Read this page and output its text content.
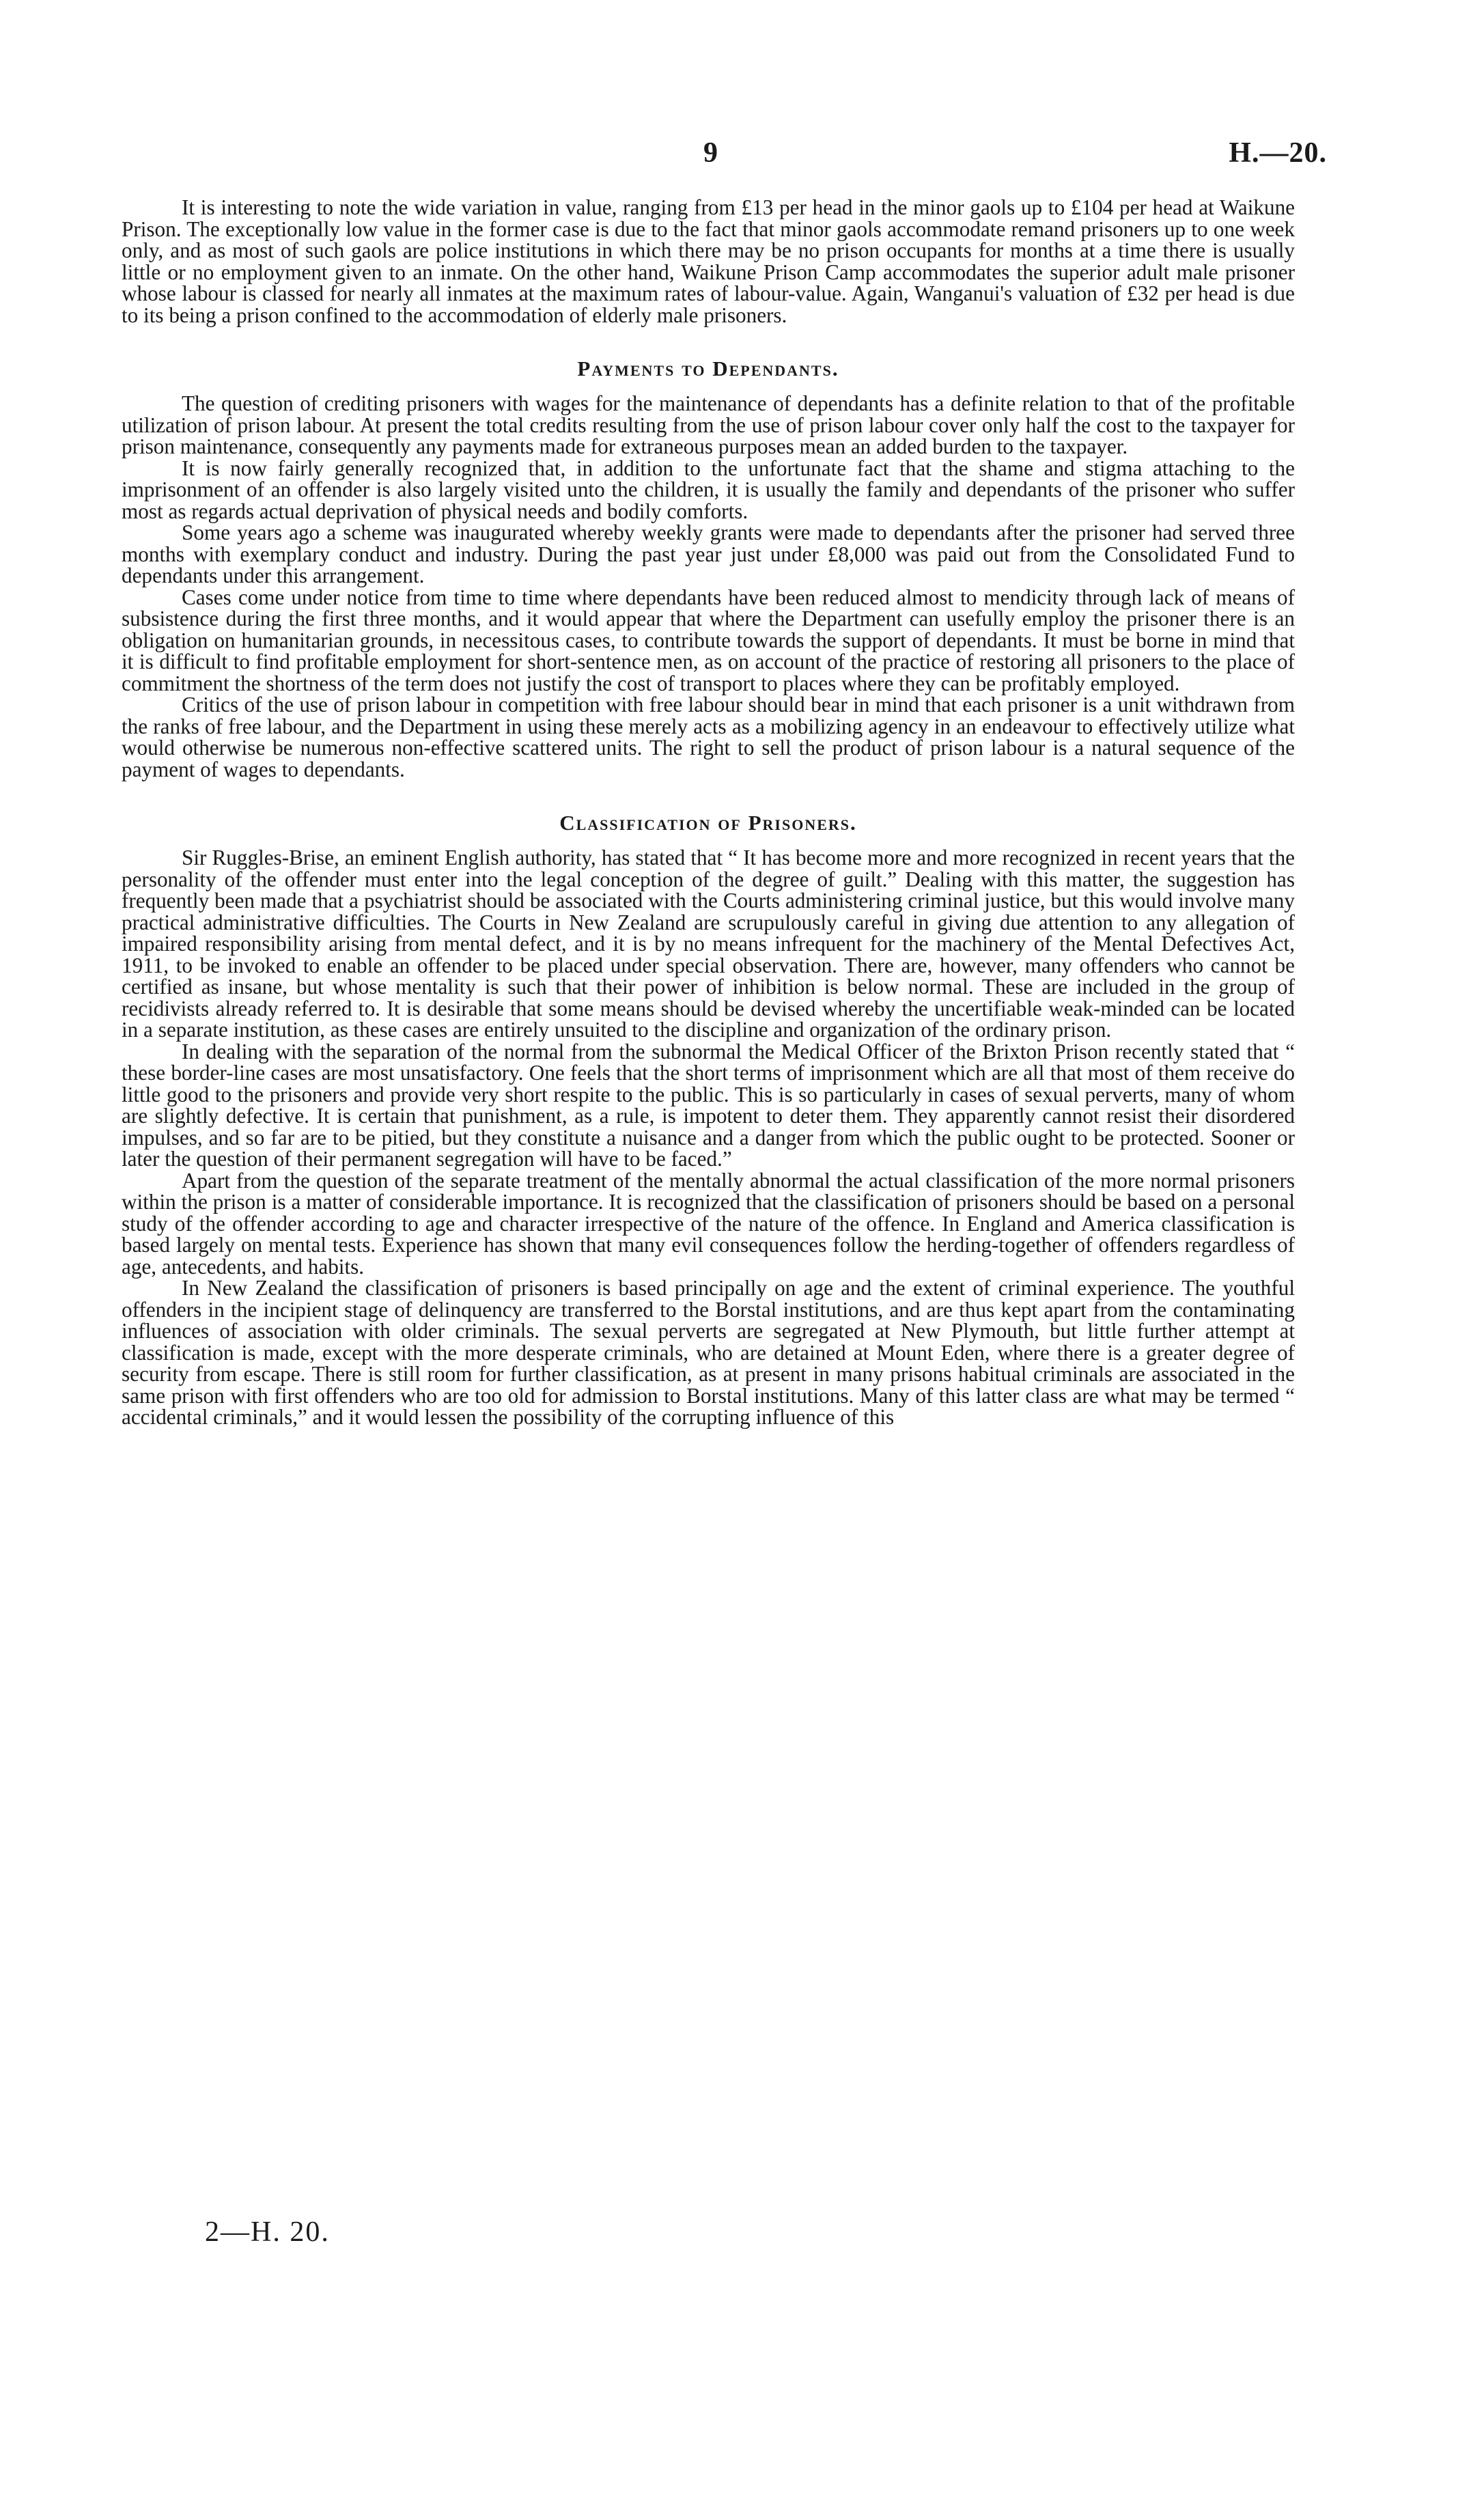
9	H.—20.

It is interesting to note the wide variation in value, ranging from £13 per head in the minor gaols up to £104 per head at Waikune Prison. The exceptionally low value in the former case is due to the fact that minor gaols accommodate remand prisoners up to one week only, and as most of such gaols are police institutions in which there may be no prison occupants for months at a time there is usually little or no employment given to an inmate. On the other hand, Waikune Prison Camp accommodates the superior adult male prisoner whose labour is classed for nearly all inmates at the maximum rates of labour-value. Again, Wanganui's valuation of £32 per head is due to its being a prison confined to the accommodation of elderly male prisoners.

Payments to Dependants.

The question of crediting prisoners with wages for the maintenance of dependants has a definite relation to that of the profitable utilization of prison labour. At present the total credits resulting from the use of prison labour cover only half the cost to the taxpayer for prison maintenance, consequently any payments made for extraneous purposes mean an added burden to the taxpayer.

It is now fairly generally recognized that, in addition to the unfortunate fact that the shame and stigma attaching to the imprisonment of an offender is also largely visited unto the children, it is usually the family and dependants of the prisoner who suffer most as regards actual deprivation of physical needs and bodily comforts.

Some years ago a scheme was inaugurated whereby weekly grants were made to dependants after the prisoner had served three months with exemplary conduct and industry. During the past year just under £8,000 was paid out from the Consolidated Fund to dependants under this arrangement.

Cases come under notice from time to time where dependants have been reduced almost to mendicity through lack of means of subsistence during the first three months, and it would appear that where the Department can usefully employ the prisoner there is an obligation on humanitarian grounds, in necessitous cases, to contribute towards the support of dependants. It must be borne in mind that it is difficult to find profitable employment for short-sentence men, as on account of the practice of restoring all prisoners to the place of commitment the shortness of the term does not justify the cost of transport to places where they can be profitably employed.

Critics of the use of prison labour in competition with free labour should bear in mind that each prisoner is a unit withdrawn from the ranks of free labour, and the Department in using these merely acts as a mobilizing agency in an endeavour to effectively utilize what would otherwise be numerous non-effective scattered units. The right to sell the product of prison labour is a natural sequence of the payment of wages to dependants.

Classification of Prisoners.

Sir Ruggles-Brise, an eminent English authority, has stated that “ It has become more and more recognized in recent years that the personality of the offender must enter into the legal conception of the degree of guilt.” Dealing with this matter, the suggestion has frequently been made that a psychiatrist should be associated with the Courts administering criminal justice, but this would involve many practical administrative difficulties. The Courts in New Zealand are scrupulously careful in giving due attention to any allegation of impaired responsibility arising from mental defect, and it is by no means infrequent for the machinery of the Mental Defectives Act, 1911, to be invoked to enable an offender to be placed under special observation. There are, however, many offenders who cannot be certified as insane, but whose mentality is such that their power of inhibition is below normal. These are included in the group of recidivists already referred to. It is desirable that some means should be devised whereby the uncertifiable weak-minded can be located in a separate institution, as these cases are entirely unsuited to the discipline and organization of the ordinary prison.

In dealing with the separation of the normal from the subnormal the Medical Officer of the Brixton Prison recently stated that “ these border-line cases are most unsatisfactory. One feels that the short terms of imprisonment which are all that most of them receive do little good to the prisoners and provide very short respite to the public. This is so particularly in cases of sexual perverts, many of whom are slightly defective. It is certain that punishment, as a rule, is impotent to deter them. They apparently cannot resist their disordered impulses, and so far are to be pitied, but they constitute a nuisance and a danger from which the public ought to be protected. Sooner or later the question of their permanent segregation will have to be faced.”

Apart from the question of the separate treatment of the mentally abnormal the actual classification of the more normal prisoners within the prison is a matter of considerable importance. It is recognized that the classification of prisoners should be based on a personal study of the offender according to age and character irrespective of the nature of the offence. In England and America classification is based largely on mental tests. Experience has shown that many evil consequences follow the herding-together of offenders regardless of age, antecedents, and habits.

In New Zealand the classification of prisoners is based principally on age and the extent of criminal experience. The youthful offenders in the incipient stage of delinquency are transferred to the Borstal institutions, and are thus kept apart from the contaminating influences of association with older criminals. The sexual perverts are segregated at New Plymouth, but little further attempt at classification is made, except with the more desperate criminals, who are detained at Mount Eden, where there is a greater degree of security from escape. There is still room for further classification, as at present in many prisons habitual criminals are associated in the same prison with first offenders who are too old for admission to Borstal institutions. Many of this latter class are what may be termed “ accidental criminals,” and it would lessen the possibility of the corrupting influence of this

2—H. 20.
